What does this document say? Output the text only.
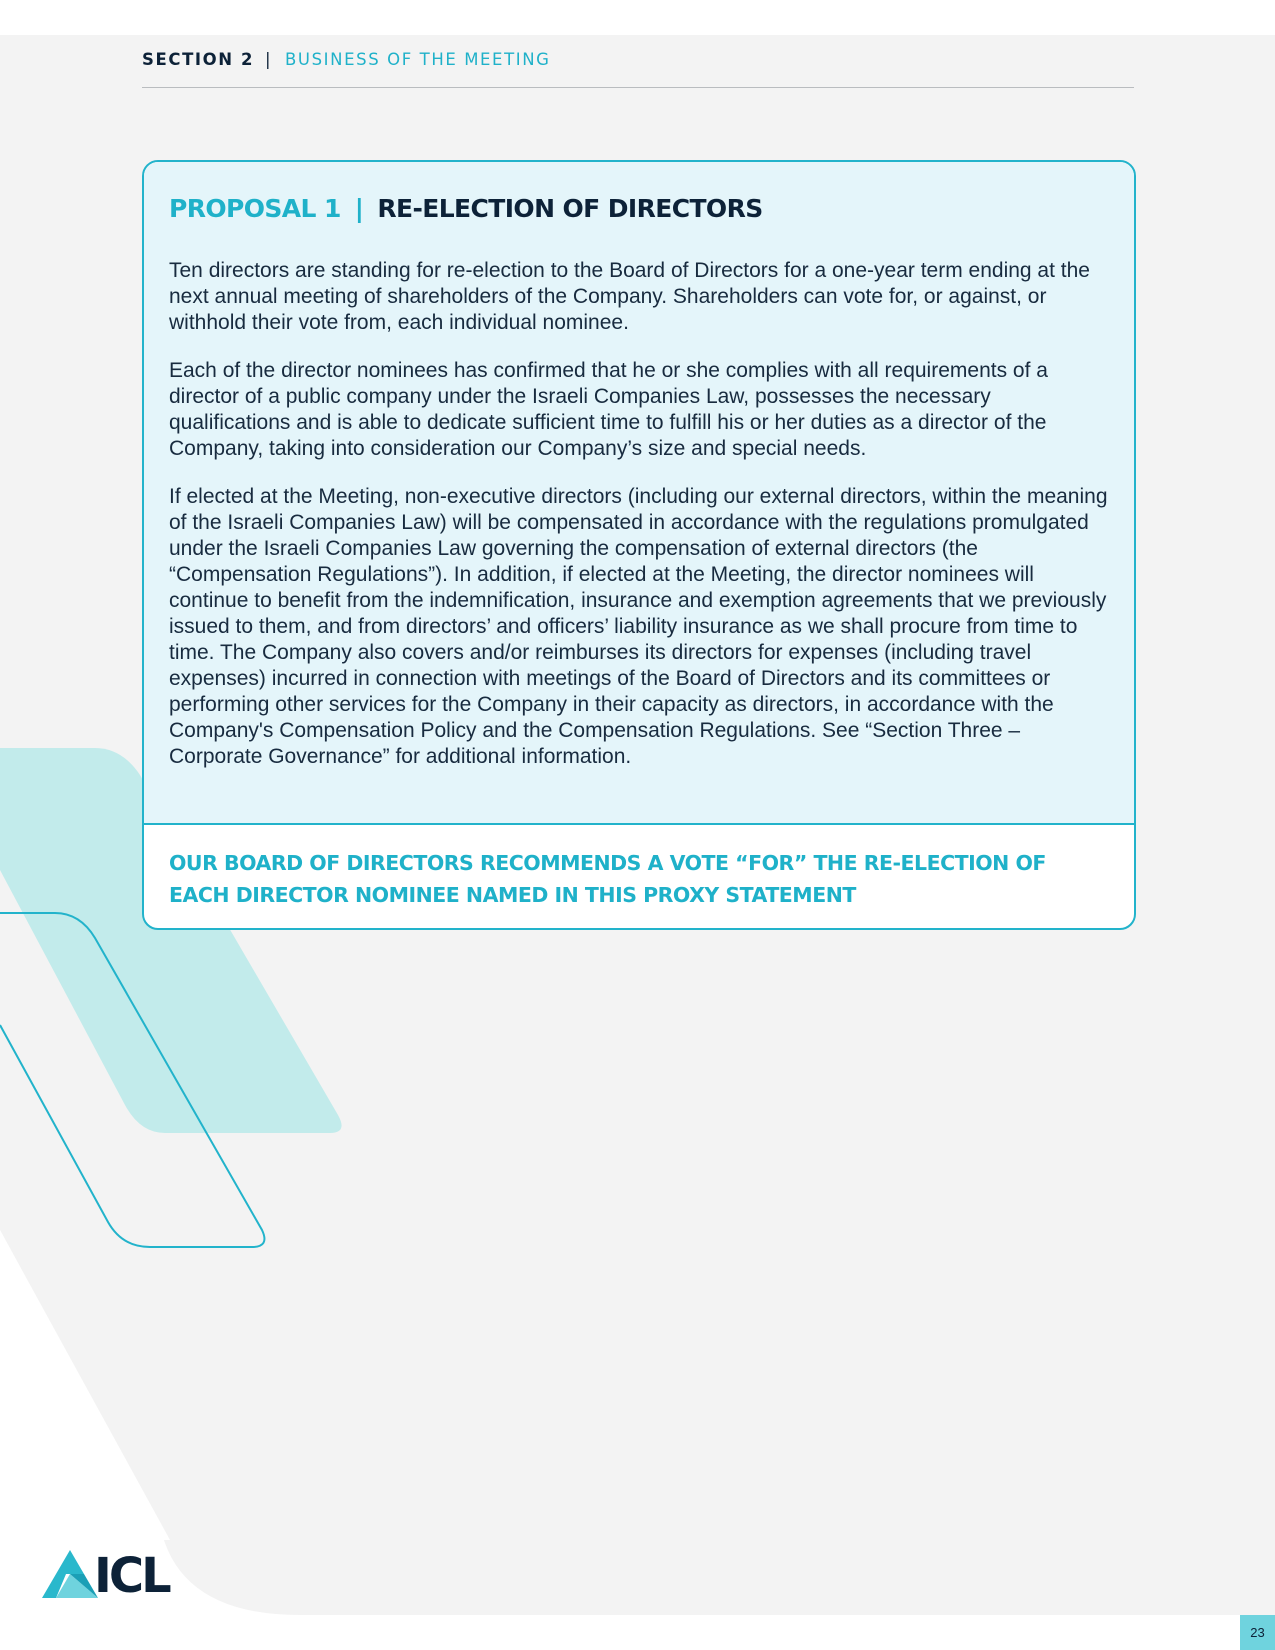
SECTION 2 | BUSINESS OF THE MEETING
PROPOSAL 1 | RE-ELECTION OF DIRECTORS

Ten directors are standing for re-election to the Board of Directors for a one-year term ending at the next annual meeting of shareholders of the Company. Shareholders can vote for, or against, or withhold their vote from, each individual nominee.

Each of the director nominees has confirmed that he or she complies with all requirements of a director of a public company under the Israeli Companies Law, possesses the necessary qualifications and is able to dedicate sufficient time to fulfill his or her duties as a director of the Company, taking into consideration our Company’s size and special needs.

If elected at the Meeting, non-executive directors (including our external directors, within the meaning of the Israeli Companies Law) will be compensated in accordance with the regulations promulgated under the Israeli Companies Law governing the compensation of external directors (the “Compensation Regulations”). In addition, if elected at the Meeting, the director nominees will continue to benefit from the indemnification, insurance and exemption agreements that we previously issued to them, and from directors’ and officers’ liability insurance as we shall procure from time to time. The Company also covers and/or reimburses its directors for expenses (including travel expenses) incurred in connection with meetings of the Board of Directors and its committees or performing other services for the Company in their capacity as directors, in accordance with the Company's Compensation Policy and the Compensation Regulations. See “Section Three – Corporate Governance” for additional information.

OUR BOARD OF DIRECTORS RECOMMENDS A VOTE “FOR” THE RE-ELECTION OF EACH DIRECTOR NOMINEE NAMED IN THIS PROXY STATEMENT
ICL
23
